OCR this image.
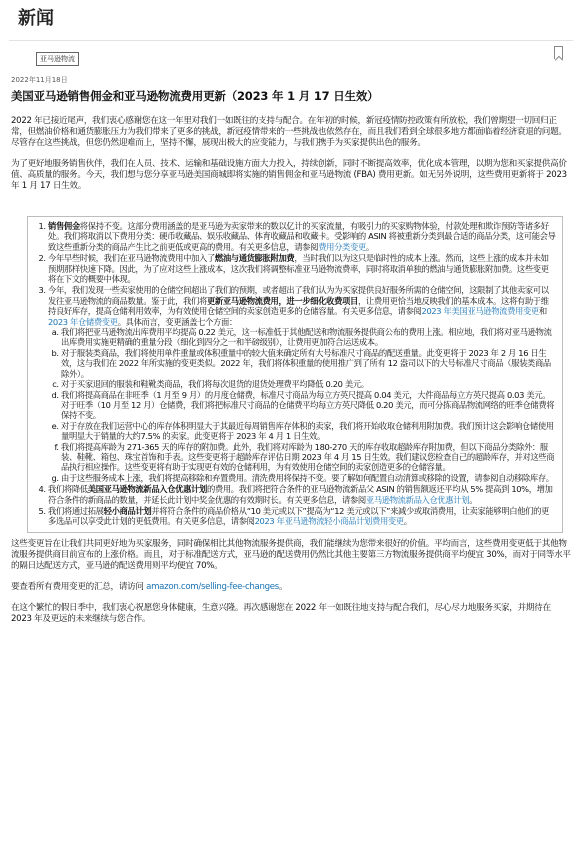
新闻
亚马逊物流
2022年11月18日
美国亚马逊销售佣金和亚马逊物流费用更新（2023 年 1 月 17 日生效）

2022 年已接近尾声，我们衷心感谢您在这一年里对我们一如既往的支持与配合。在年初的时候，新冠疫情防控政策有所放松，我们曾期望一切回归正常，但燃油价格和通货膨胀压力为我们带来了更多的挑战，新冠疫情带来的一些挑战也依然存在，而且我们看到全球很多地方都面临着经济衰退的问题。尽管存在这些挑战，但您仍然迎难而上，坚持不懈，展现出极大的应变能力，与我们携手为买家提供出色的服务。

为了更好地服务销售伙伴，我们在人员、技术、运输和基础设施方面大力投入，持续创新，同时不断提高效率，优化成本管理，以期为您和买家提供高价值、高质量的服务。今天，我们想与您分享亚马逊美国商城即将实施的销售佣金和亚马逊物流 (FBA) 费用更新。如无另外说明，这些费用更新将于 2023 年 1 月 17 日生效。

1. 销售佣金将保持不变。这部分费用涵盖的是亚马逊为卖家带来的数以亿计的买家流量，有吸引力的买家购物体验，付款处理和欺诈预防等诸多好处。我们将取消以下费用分类：硬币收藏品、娱乐收藏品、体育收藏品和收藏卡。受影响的 ASIN 将被重新分类到最合适的商品分类，这可能会导致这些重新分类的商品产生比之前更低或更高的费用。有关更多信息，请参阅费用分类变更。
2. 今年早些时候，我们在亚马逊物流费用中加入了燃油与通货膨胀附加费，当时我们以为这只是临时性的成本上涨。然而，这些上涨的成本并未如预期那样快速下降。因此，为了应对这些上涨成本，这次我们将调整标准亚马逊物流费率，同时将取消单独的燃油与通货膨胀附加费。这些变更将在下文的概要中体现。
3. 今年，我们发现一些卖家使用的仓储空间超出了我们的预期，或者超出了我们认为为买家提供良好服务所需的仓储空间，这限制了其他卖家可以发往亚马逊物流的商品数量。鉴于此，我们将更新亚马逊物流费用，进一步细化收费项目，让费用更恰当地反映我们的基本成本。这将有助于维持良好库存，提高仓储利用效率，为有效使用仓储空间的卖家创造更多的仓储容量。有关更多信息，请参阅2023 年美国亚马逊物流费用变更和2023 年仓储费变更。具体而言，变更涵盖七个方面：
a. 我们将把亚马逊物流出库费用平均提高 0.22 美元，这一标准低于其他配送和物流服务提供商公布的费用上涨。相应地，我们将对亚马逊物流出库费用实施更精确的重量分段（细化到四分之一和半磅级别），让费用更加符合运送成本。
b. 对于服装类商品，我们将使用单件重量或体积重量中的较大值来确定所有大号标准尺寸商品的配送重量。此变更将于 2023 年 2 月 16 日生效，这与我们在 2022 年所实施的变更类似。2022 年，我们将体积重量的使用推广到了所有 12 盎司以下的大号标准尺寸商品（服装类商品除外）。
c. 对于买家退回的服装和鞋靴类商品，我们将每次退货的退货处理费平均降低 0.20 美元。
d. 我们将提高商品在非旺季（1 月至 9 月）的月度仓储费，标准尺寸商品为每立方英尺提高 0.04 美元，大件商品每立方英尺提高 0.03 美元。对于旺季（10 月至 12 月）仓储费，我们将把标准尺寸商品的仓储费平均每立方英尺降低 0.20 美元，而可分拣商品物流网络的旺季仓储费将保持不变。
e. 对于存放在我们运营中心的库存体积明显大于其最近每周销售库存体积的卖家，我们将开始收取仓储利用附加费。我们预计这会影响仓储使用量明显大于销量的大约7.5% 的卖家。此变更将于 2023 年 4 月 1 日生效。
f. 我们将提高库龄为 271-365 天的库存的附加费。此外，我们将对库龄为 180-270 天的库存收取超龄库存附加费，但以下商品分类除外：服装、鞋靴、箱包、珠宝首饰和手表。这些变更将于超龄库存评估日期 2023 年 4 月 15 日生效。我们建议您检查自己的超龄库存，并对这些商品执行相应操作。这些变更将有助于实现更有效的仓储利用，为有效使用仓储空间的卖家创造更多的仓储容量。
g. 由于这些服务成本上涨，我们将提高移除和弃置费用。清洗费用将保持不变。要了解如何配置自动清算或移除的设置，请参阅自动移除库存。
4. 我们将降低美国亚马逊物流新品入仓优惠计划的费用。我们将把符合条件的亚马逊物流新品父 ASIN 的销售额返还平均从 5% 提高到 10%，增加符合条件的新商品的数量，并延长此计划中奖金优惠的有效期时长。有关更多信息，请参阅亚马逊物流新品入仓优惠计划。
5. 我们将通过拓展轻小商品计划并将符合条件的商品价格从“10 美元或以下”提高为“12 美元或以下”来减少或取消费用，让卖家能够明白他们的更多选品可以享受此计划的更低费用。有关更多信息，请参阅2023 年亚马逊物流轻小商品计划费用变更。

这些变更旨在让我们共同更好地为买家服务，同时确保相比其他物流服务提供商，我们能继续为您带来很好的价值。平均而言，这些费用变更低于其他物流服务提供商目前宣布的上涨价格。而且，对于标准配送方式，亚马逊的配送费用仍然比其他主要第三方物流服务提供商平均便宜 30%，而对于同等水平的隔日达配送方式，亚马逊的配送费用则平均便宜 70%。

要查看所有费用变更的汇总，请访问 amazon.com/selling-fee-changes。

在这个繁忙的假日季中，我们衷心祝愿您身体健康，生意兴隆。再次感谢您在 2022 年一如既往地支持与配合我们，尽心尽力地服务买家，并期待在 2023 年及更远的未来继续与您合作。
